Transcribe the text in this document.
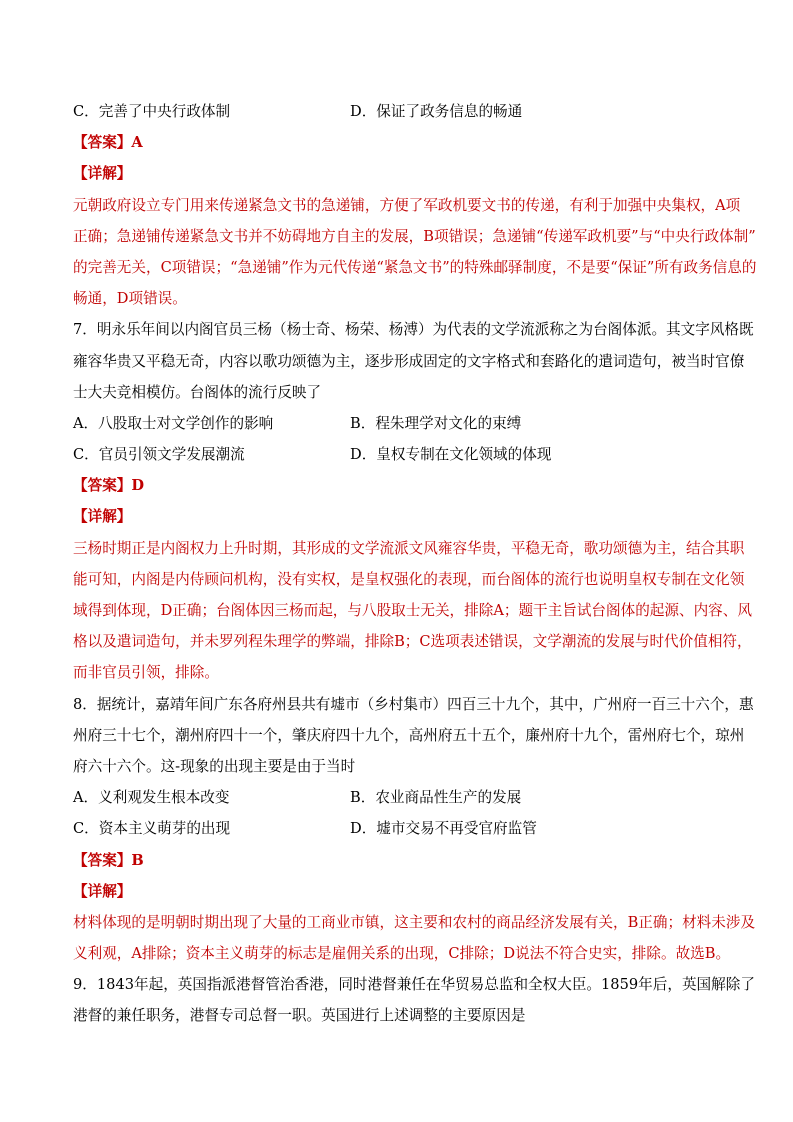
C．完善了中央行政体制	D．保证了政务信息的畅通
【答案】A
【详解】
元朝政府设立专门用来传递紧急文书的急递铺，方便了军政机要文书的传递，有利于加强中央集权，A项
正确；急递铺传递紧急文书并不妨碍地方自主的发展，B项错误；急递铺“传递军政机要”与“中央行政体制”
的完善无关，C项错误；“急递铺”作为元代传递“紧急文书”的特殊邮驿制度，不是要“保证”所有政务信息的
畅通，D项错误。
7．明永乐年间以内阁官员三杨（杨士奇、杨荣、杨溥）为代表的文学流派称之为台阁体派。其文字风格既
雍容华贵又平稳无奇，内容以歌功颂德为主，逐步形成固定的文字格式和套路化的遣词造句，被当时官僚
士大夫竞相模仿。台阁体的流行反映了
A．八股取士对文学创作的影响	B．程朱理学对文化的束缚
C．官员引领文学发展潮流	D．皇权专制在文化领域的体现
【答案】D
【详解】
三杨时期正是内阁权力上升时期，其形成的文学流派文风雍容华贵，平稳无奇，歌功颂德为主，结合其职
能可知，内阁是内侍顾问机构，没有实权，是皇权强化的表现，而台阁体的流行也说明皇权专制在文化领
域得到体现，D正确；台阁体因三杨而起，与八股取士无关，排除A；题干主旨试台阁体的起源、内容、风
格以及遣词造句，并未罗列程朱理学的弊端，排除B；C选项表述错误，文学潮流的发展与时代价值相符，
而非官员引领，排除。
8．据统计，嘉靖年间广东各府州县共有墟市（乡村集市）四百三十九个，其中，广州府一百三十六个，惠
州府三十七个，潮州府四十一个，肇庆府四十九个，高州府五十五个，廉州府十九个，雷州府七个，琼州
府六十六个。这-现象的出现主要是由于当时
A．义利观发生根本改变	B．农业商品性生产的发展
C．资本主义萌芽的出现	D．墟市交易不再受官府监管
【答案】B
【详解】
材料体现的是明朝时期出现了大量的工商业市镇，这主要和农村的商品经济发展有关，B正确；材料未涉及
义利观，A排除；资本主义萌芽的标志是雇佣关系的出现，C排除；D说法不符合史实，排除。故选B。
9．1843年起，英国指派港督管治香港，同时港督兼任在华贸易总监和全权大臣。1859年后，英国解除了
港督的兼任职务，港督专司总督一职。英国进行上述调整的主要原因是
